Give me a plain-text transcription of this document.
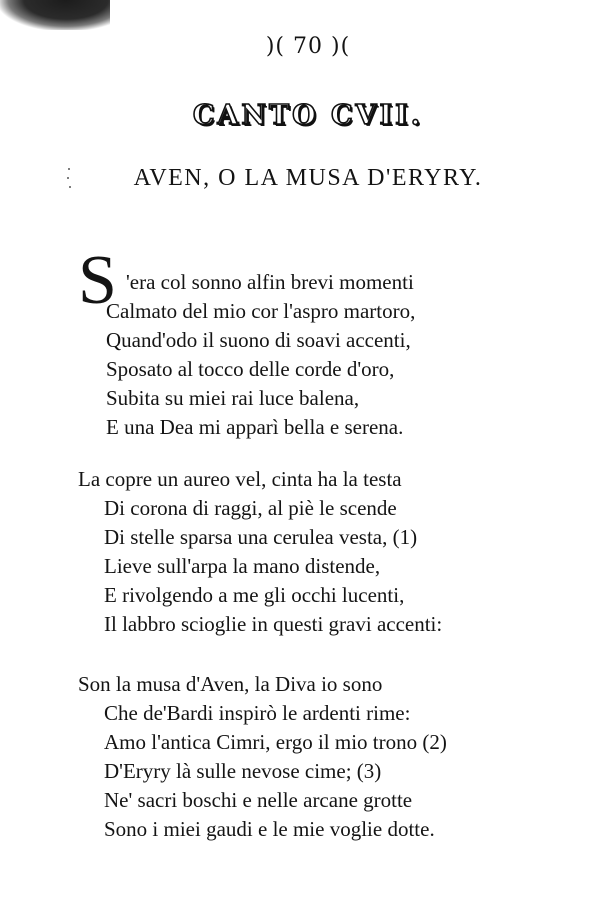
)( 70 )(
CANTO CVII.
AVEN, O LA MUSA D'ERYRY.
S 'era col sonno alfin brevi momenti
Calmato del mio cor l'aspro martoro,
Quand'odo il suono di soavi accenti,
Sposato al tocco delle corde d'oro,
Subita su miei rai luce balena,
E una Dea mi apparì bella e serena.
La copre un aureo vel, cinta ha la testa
Di corona di raggi, al piè le scende
Di stelle sparsa una cerulea vesta, (1)
Lieve sull'arpa la mano distende,
E rivolgendo a me gli occhi lucenti,
Il labbro scioglie in questi gravi accenti:
Son la musa d'Aven, la Diva io sono
Che de'Bardi inspirò le ardenti rime:
Amo l'antica Cimri, ergo il mio trono (2)
D'Eryry là sulle nevose cime; (3)
Ne' sacri boschi e nelle arcane grotte
Sono i miei gaudi e le mie voglie dotte.
